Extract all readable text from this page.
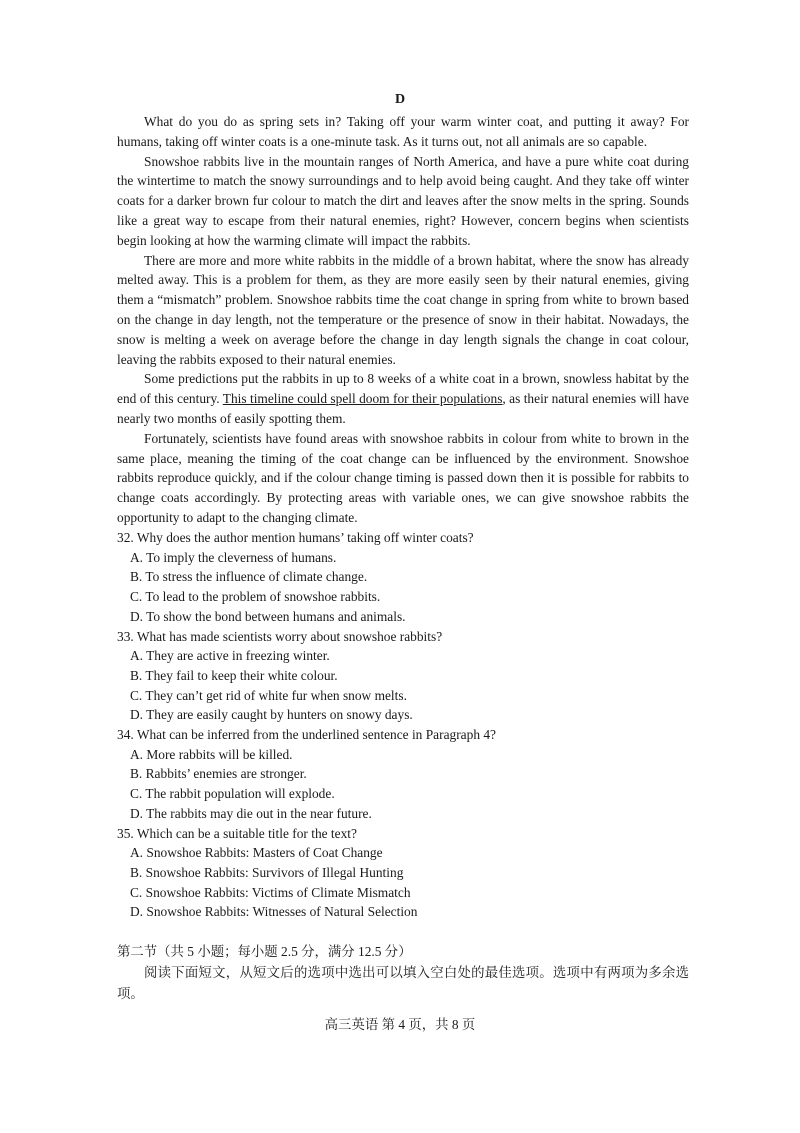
D

What do you do as spring sets in? Taking off your warm winter coat, and putting it away? For humans, taking off winter coats is a one-minute task. As it turns out, not all animals are so capable.

Snowshoe rabbits live in the mountain ranges of North America, and have a pure white coat during the wintertime to match the snowy surroundings and to help avoid being caught. And they take off winter coats for a darker brown fur colour to match the dirt and leaves after the snow melts in the spring. Sounds like a great way to escape from their natural enemies, right? However, concern begins when scientists begin looking at how the warming climate will impact the rabbits.

There are more and more white rabbits in the middle of a brown habitat, where the snow has already melted away. This is a problem for them, as they are more easily seen by their natural enemies, giving them a “mismatch” problem. Snowshoe rabbits time the coat change in spring from white to brown based on the change in day length, not the temperature or the presence of snow in their habitat. Nowadays, the snow is melting a week on average before the change in day length signals the change in coat colour, leaving the rabbits exposed to their natural enemies.

Some predictions put the rabbits in up to 8 weeks of a white coat in a brown, snowless habitat by the end of this century. This timeline could spell doom for their populations, as their natural enemies will have nearly two months of easily spotting them.

Fortunately, scientists have found areas with snowshoe rabbits in colour from white to brown in the same place, meaning the timing of the coat change can be influenced by the environment. Snowshoe rabbits reproduce quickly, and if the colour change timing is passed down then it is possible for rabbits to change coats accordingly. By protecting areas with variable ones, we can give snowshoe rabbits the opportunity to adapt to the changing climate.

32. Why does the author mention humans’ taking off winter coats?
A. To imply the cleverness of humans.
B. To stress the influence of climate change.
C. To lead to the problem of snowshoe rabbits.
D. To show the bond between humans and animals.
33. What has made scientists worry about snowshoe rabbits?
A. They are active in freezing winter.
B. They fail to keep their white colour.
C. They can’t get rid of white fur when snow melts.
D. They are easily caught by hunters on snowy days.
34. What can be inferred from the underlined sentence in Paragraph 4?
A. More rabbits will be killed.
B. Rabbits’ enemies are stronger.
C. The rabbit population will explode.
D. The rabbits may die out in the near future.
35. Which can be a suitable title for the text?
A. Snowshoe Rabbits: Masters of Coat Change
B. Snowshoe Rabbits: Survivors of Illegal Hunting
C. Snowshoe Rabbits: Victims of Climate Mismatch
D. Snowshoe Rabbits: Witnesses of Natural Selection
第二节（共 5 小题；每小题 2.5 分，满分 12.5 分）

阅读下面短文，从短文后的选项中选出可以填入空白处的最佳选项。选项中有两项为多余选项。

高三英语 第 4 页，共 8 页
